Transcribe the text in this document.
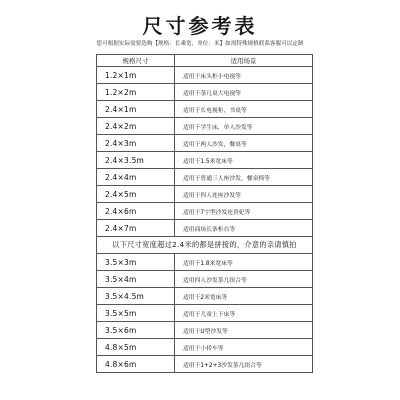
尺寸参考表
您可根据实际需要选购【规格：长乘宽，单位：米】如需特殊规格联系客服可以定制
规格尺寸	适用场景
1.2×1m	适用于床头柜小电视等
1.2×2m	适用于茶几桌大电视等
2.4×1m	适用于长电视柜，书桌等
2.4×2m	适用于学生床，单人沙发等
2.4×3m	适用于两人沙发，餐桌等
2.4×3.5m	适用于1.5米宽床等
2.4×4m	适用于普通三人座沙发，餐桌椅等
2.4×5m	适用于四人连座沙发等
2.4×6m	适用于7字型沙发连贵妃等
2.4×7m	适用商场长条柜台等
以下尺寸宽度超过2.4米的都是拼接的，介意的亲请慎拍	
3.5×3m	适用于1.8米宽床等
3.5×4m	适用四人沙发茶几组合等
3.5×4.5m	适用于2米宽床等
3.5×5m	适用于儿童上下床等
3.5×6m	适用于U型沙发等
4.8×5m	适用于小轿车等
4.8×6m	适用于1+2+3沙发茶几组合等
